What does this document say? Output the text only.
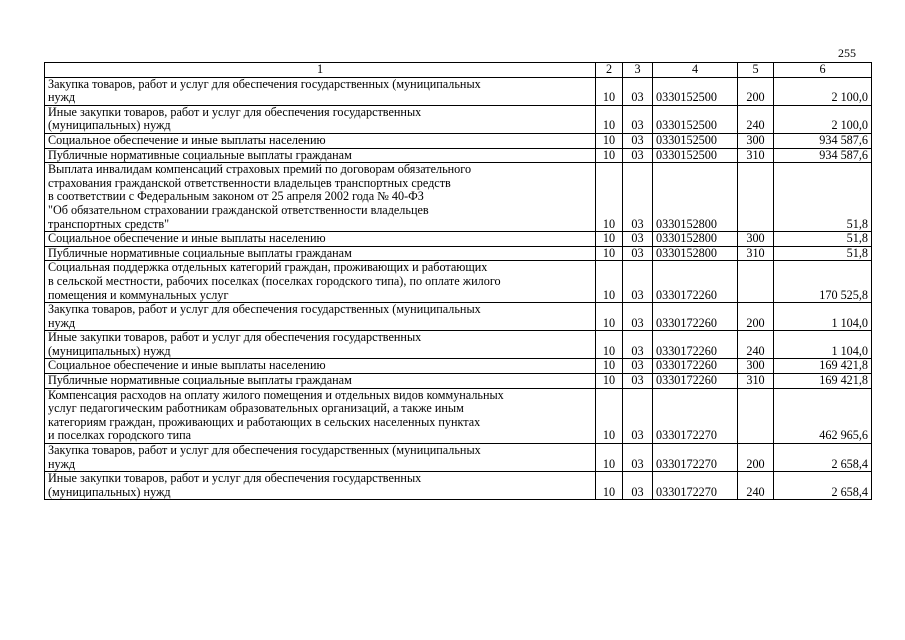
255
1	2	3	4	5	6
Закупка товаров, работ и услуг для обеспечения государственных (муниципальных
нужд	10	03	0330152500	200	2 100,0
Иные закупки товаров, работ и услуг для обеспечения государственных
(муниципальных) нужд	10	03	0330152500	240	2 100,0
Социальное обеспечение и иные выплаты населению	10	03	0330152500	300	934 587,6
Публичные нормативные социальные выплаты гражданам	10	03	0330152500	310	934 587,6
Выплата инвалидам компенсаций страховых премий по договорам обязательного
страхования гражданской ответственности владельцев транспортных средств
в соответствии с Федеральным законом от 25 апреля 2002 года № 40-ФЗ
"Об обязательном страховании гражданской ответственности владельцев
транспортных средств"	10	03	0330152800		51,8
Социальное обеспечение и иные выплаты населению	10	03	0330152800	300	51,8
Публичные нормативные социальные выплаты гражданам	10	03	0330152800	310	51,8
Социальная поддержка отдельных категорий граждан, проживающих и работающих
в сельской местности, рабочих поселках (поселках городского типа), по оплате жилого
помещения и коммунальных услуг	10	03	0330172260		170 525,8
Закупка товаров, работ и услуг для обеспечения государственных (муниципальных
нужд	10	03	0330172260	200	1 104,0
Иные закупки товаров, работ и услуг для обеспечения государственных
(муниципальных) нужд	10	03	0330172260	240	1 104,0
Социальное обеспечение и иные выплаты населению	10	03	0330172260	300	169 421,8
Публичные нормативные социальные выплаты гражданам	10	03	0330172260	310	169 421,8
Компенсация расходов на оплату жилого помещения и отдельных видов коммунальных
услуг педагогическим работникам образовательных организаций, а также иным
категориям граждан, проживающих и работающих в сельских населенных пунктах
и поселках городского типа	10	03	0330172270		462 965,6
Закупка товаров, работ и услуг для обеспечения государственных (муниципальных
нужд	10	03	0330172270	200	2 658,4
Иные закупки товаров, работ и услуг для обеспечения государственных
(муниципальных) нужд	10	03	0330172270	240	2 658,4
